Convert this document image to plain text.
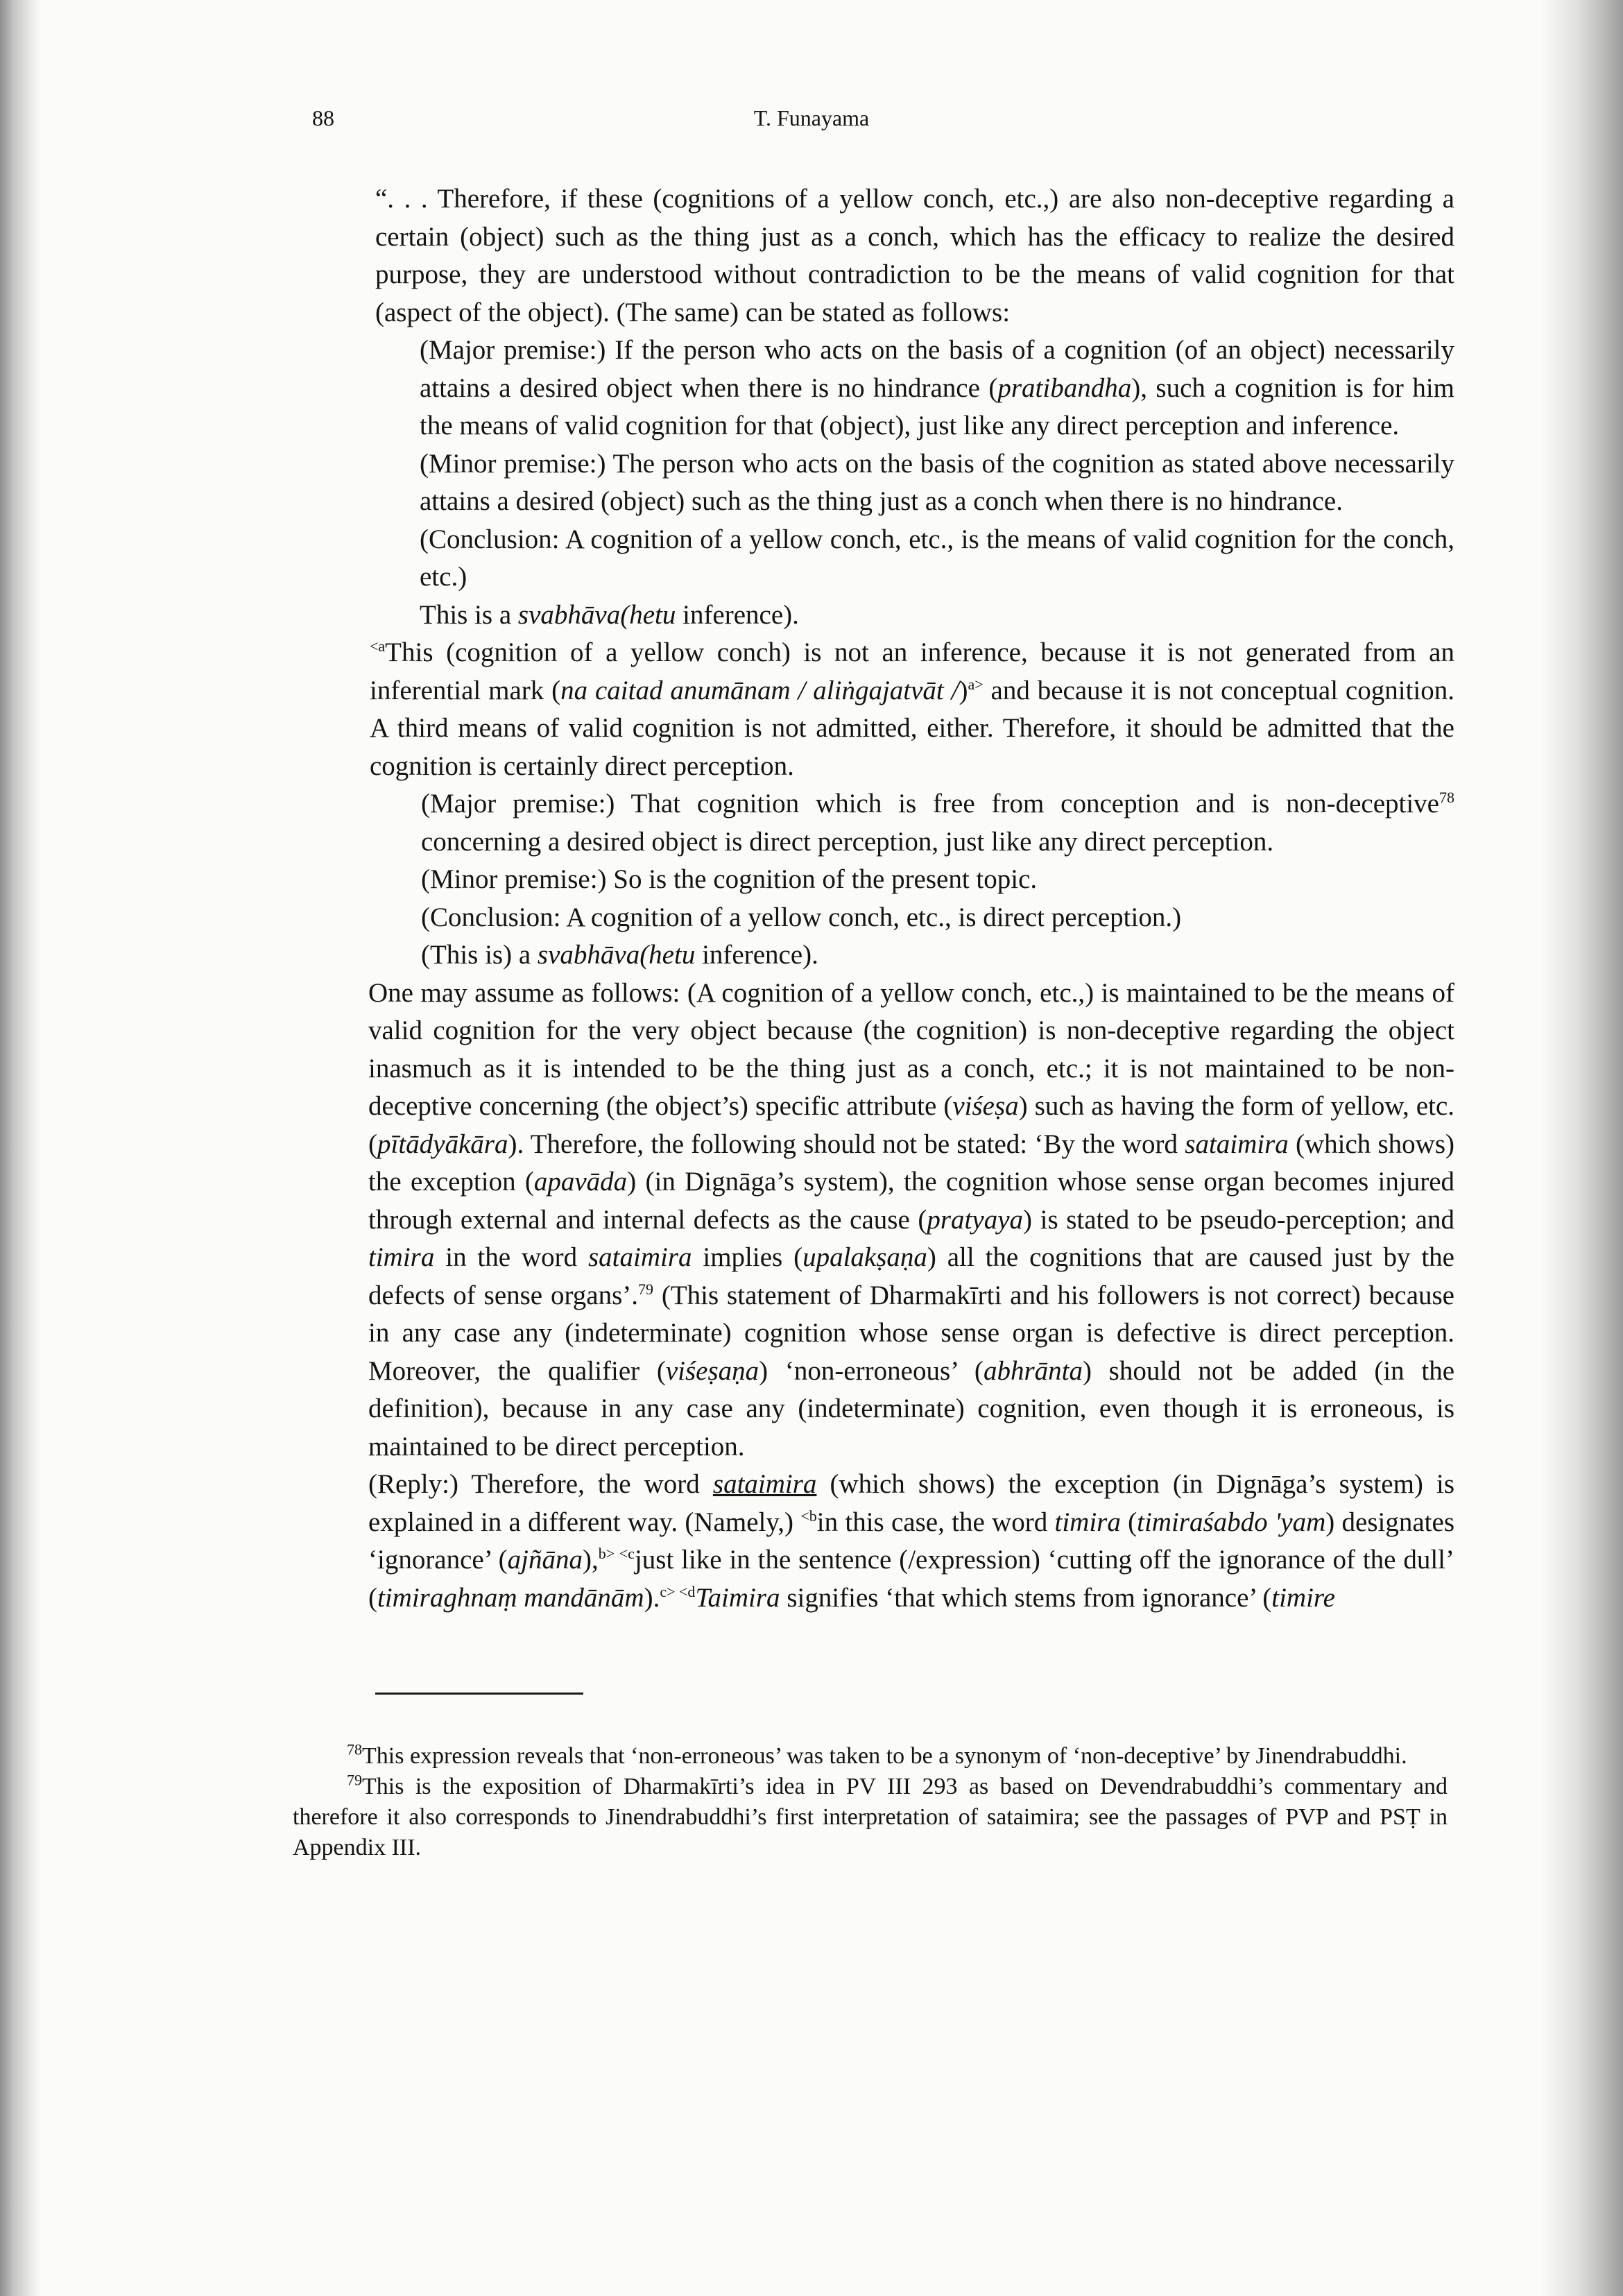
88	T. Funayama

“. . . Therefore, if these (cognitions of a yellow conch, etc.,) are also non-deceptive regarding a certain (object) such as the thing just as a conch, which has the efficacy to realize the desired purpose, they are understood without contradiction to be the means of valid cognition for that (aspect of the object). (The same) can be stated as follows:

(Major premise:) If the person who acts on the basis of a cognition (of an object) necessarily attains a desired object when there is no hindrance (pratibandha), such a cognition is for him the means of valid cognition for that (object), just like any direct perception and inference.

(Minor premise:) The person who acts on the basis of the cognition as stated above necessarily attains a desired (object) such as the thing just as a conch when there is no hindrance.

(Conclusion: A cognition of a yellow conch, etc., is the means of valid cognition for the conch, etc.)

This is a svabhāva(hetu inference).

$^{<a}$This (cognition of a yellow conch) is not an inference, because it is not generated from an inferential mark (na caitad anumānam / aliṅgajatvāt /)$^{a>}$ and because it is not conceptual cognition. A third means of valid cognition is not admitted, either. Therefore, it should be admitted that the cognition is certainly direct perception.

(Major premise:) That cognition which is free from conception and is non-deceptive$^{78}$ concerning a desired object is direct perception, just like any direct perception.

(Minor premise:) So is the cognition of the present topic.

(Conclusion: A cognition of a yellow conch, etc., is direct perception.)

(This is) a svabhāva(hetu inference).

One may assume as follows: (A cognition of a yellow conch, etc.,) is maintained to be the means of valid cognition for the very object because (the cognition) is non-deceptive regarding the object inasmuch as it is intended to be the thing just as a conch, etc.; it is not maintained to be non-deceptive concerning (the object’s) specific attribute (viśeṣa) such as having the form of yellow, etc. (pītādyākāra). Therefore, the following should not be stated: ‘By the word sataimira (which shows) the exception (apavāda) (in Dignāga’s system), the cognition whose sense organ becomes injured through external and internal defects as the cause (pratyaya) is stated to be pseudo-perception; and timira in the word sataimira implies (upalakṣaṇa) all the cognitions that are caused just by the defects of sense organs’.$^{79}$ (This statement of Dharmakīrti and his followers is not correct) because in any case any (indeterminate) cognition whose sense organ is defective is direct perception. Moreover, the qualifier (viśeṣaṇa) ‘non-erroneous’ (abhrānta) should not be added (in the definition), because in any case any (indeterminate) cognition, even though it is erroneous, is maintained to be direct perception.

(Reply:) Therefore, the word sataimira (which shows) the exception (in Dignāga’s system) is explained in a different way. (Namely,) $^{<b}$in this case, the word timira (timiraśabdo 'yam) designates ‘ignorance’ (ajñāna),$^{b> <c}$just like in the sentence (/expression) ‘cutting off the ignorance of the dull’ (timiraghnaṃ mandānām).$^{c> <d}$Taimira signifies ‘that which stems from ignorance’ (timire

$^{78}$This expression reveals that ‘non-erroneous’ was taken to be a synonym of ‘non-deceptive’ by Jinendrabuddhi.

$^{79}$This is the exposition of Dharmakīrti’s idea in PV III 293 as based on Devendrabuddhi’s commentary and therefore it also corresponds to Jinendrabuddhi’s first interpretation of sataimira; see the passages of PVP and PSṬ in Appendix III.
